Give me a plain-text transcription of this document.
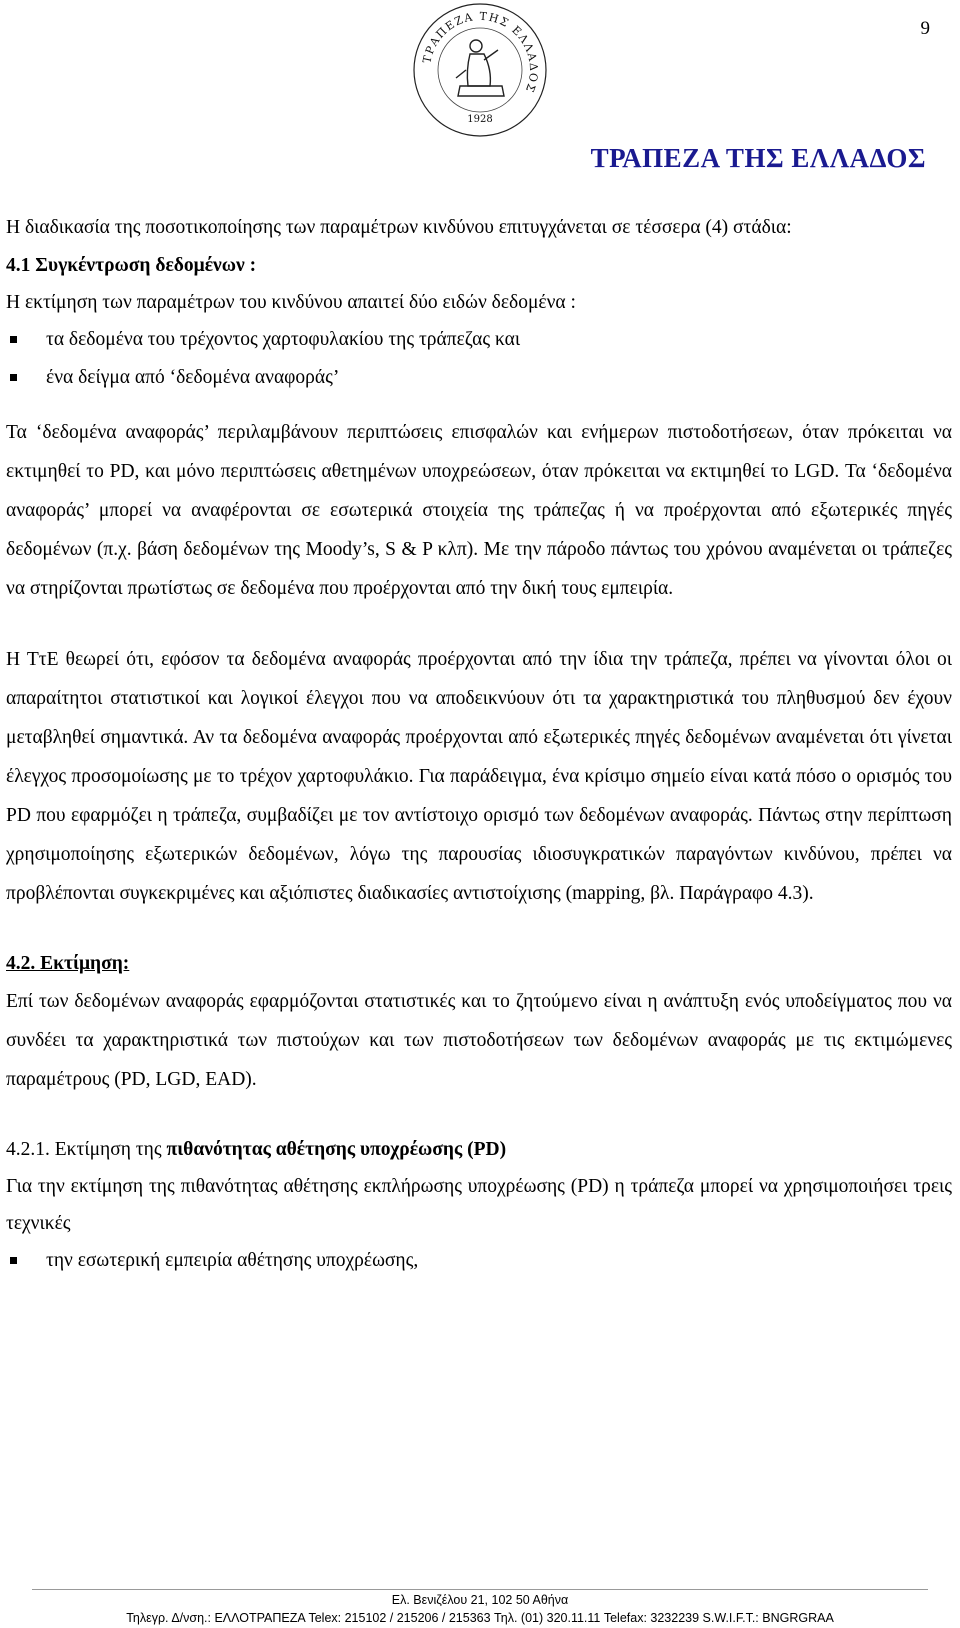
9
ΤΡΑΠΕΖΑ ΤΗΣ ΕΛΛΑΔΟΣ
1928
ΤΡΑΠΕΖΑ ΤΗΣ ΕΛΛΑΔΟΣ

Η διαδικασία της ποσοτικοποίησης των παραμέτρων κινδύνου επιτυγχάνεται σε τέσσερα (4) στάδια:

4.1 Συγκέντρωση δεδομένων :

Η εκτίμηση των παραμέτρων του κινδύνου απαιτεί δύο ειδών δεδομένα :

τα δεδομένα του τρέχοντος χαρτοφυλακίου της τράπεζας και
ένα δείγμα από ‘δεδομένα αναφοράς’

Τα ‘δεδομένα αναφοράς’ περιλαμβάνουν περιπτώσεις επισφαλών και ενήμερων πιστοδοτήσεων, όταν πρόκειται να εκτιμηθεί το PD, και μόνο περιπτώσεις αθετημένων υποχρεώσεων, όταν πρόκειται να εκτιμηθεί το LGD. Τα ‘δεδομένα αναφοράς’ μπορεί να αναφέρονται σε εσωτερικά στοιχεία της τράπεζας ή να προέρχονται από εξωτερικές πηγές δεδομένων (π.χ. βάση δεδομένων της Moody’s, S & P κλπ). Με την πάροδο πάντως του χρόνου αναμένεται οι τράπεζες να στηρίζονται πρωτίστως σε δεδομένα που προέρχονται από την δική τους εμπειρία.

Η ΤτΕ θεωρεί ότι, εφόσον τα δεδομένα αναφοράς προέρχονται από την ίδια την τράπεζα, πρέπει να γίνονται όλοι οι απαραίτητοι στατιστικοί και λογικοί έλεγχοι που να αποδεικνύουν ότι τα χαρακτηριστικά του πληθυσμού δεν έχουν μεταβληθεί σημαντικά. Αν τα δεδομένα αναφοράς προέρχονται από εξωτερικές πηγές δεδομένων αναμένεται ότι γίνεται έλεγχος προσομοίωσης με το τρέχον χαρτοφυλάκιο. Για παράδειγμα, ένα κρίσιμο σημείο είναι κατά πόσο ο ορισμός του PD που εφαρμόζει η τράπεζα, συμβαδίζει με τον αντίστοιχο ορισμό των δεδομένων αναφοράς. Πάντως στην περίπτωση χρησιμοποίησης εξωτερικών δεδομένων, λόγω της παρουσίας ιδιοσυγκρατικών παραγόντων κινδύνου, πρέπει να προβλέπονται συγκεκριμένες και αξιόπιστες διαδικασίες αντιστοίχισης (mapping, βλ. Παράγραφο 4.3).

4.2. Εκτίμηση:

Επί των δεδομένων αναφοράς εφαρμόζονται στατιστικές και το ζητούμενο είναι η ανάπτυξη ενός υποδείγματος που να συνδέει τα χαρακτηριστικά των πιστούχων και των πιστοδοτήσεων των δεδομένων αναφοράς με τις εκτιμώμενες παραμέτρους (PD, LGD, EAD).

4.2.1. Εκτίμηση της πιθανότητας αθέτησης υποχρέωσης (PD)

Για την εκτίμηση της πιθανότητας αθέτησης εκπλήρωσης υποχρέωσης (PD) η τράπεζα μπορεί να χρησιμοποιήσει τρεις τεχνικές

την εσωτερική εμπειρία αθέτησης υποχρέωσης,
Ελ. Βενιζέλου 21, 102 50 Αθήνα
Τηλεγρ. Δ/νση.: ΕΛΛΟΤΡΑΠΕΖΑ Telex: 215102 / 215206 / 215363 Τηλ. (01) 320.11.11 Telefax: 3232239 S.W.I.F.T.: BNGRGRAA
